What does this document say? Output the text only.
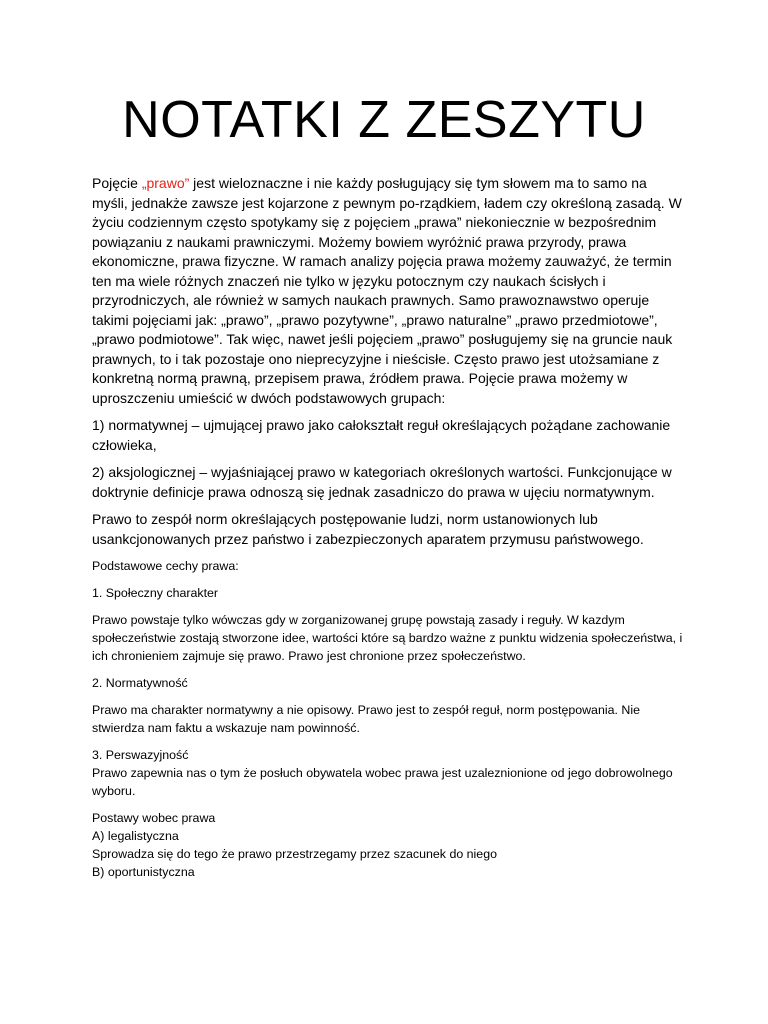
NOTATKI Z ZESZYTU

Pojęcie „prawo” jest wieloznaczne i nie każdy posługujący się tym słowem ma to samo na myśli, jednakże zawsze jest kojarzone z pewnym po-rządkiem, ładem czy określoną zasadą. W życiu codziennym często spotykamy się z pojęciem „prawa” niekoniecznie w bezpośrednim powiązaniu z naukami prawniczymi. Możemy bowiem wyróżnić prawa przyrody, prawa ekonomiczne, prawa fizyczne. W ramach analizy pojęcia prawa możemy zauważyć, że termin ten ma wiele różnych znaczeń nie tylko w języku potocznym czy naukach ścisłych i przyrodniczych, ale również w samych naukach prawnych. Samo prawoznawstwo operuje takimi pojęciami jak: „prawo”, „prawo pozytywne”, „prawo naturalne” „prawo przedmiotowe”, „prawo podmiotowe”. Tak więc, nawet jeśli pojęciem „prawo” posługujemy się na gruncie nauk prawnych, to i tak pozostaje ono nieprecyzyjne i nieścisłe. Często prawo jest utożsamiane z konkretną normą prawną, przepisem prawa, źródłem prawa. Pojęcie prawa możemy w uproszczeniu umieścić w dwóch podstawowych grupach:

1) normatywnej – ujmującej prawo jako całokształt reguł określających pożądane zachowanie człowieka,

2) aksjologicznej – wyjaśniającej prawo w kategoriach określonych wartości. Funkcjonujące w doktrynie definicje prawa odnoszą się jednak zasadniczo do prawa w ujęciu normatywnym.

Prawo to zespół norm określających postępowanie ludzi, norm ustanowionych lub usankcjonowanych przez państwo i zabezpieczonych aparatem przymusu państwowego.

Podstawowe cechy prawa:

1. Społeczny charakter

Prawo powstaje tylko wówczas gdy w zorganizowanej grupę powstają zasady i reguły. W kazdym społeczeństwie zostają stworzone idee, wartości które są bardzo ważne z punktu widzenia społeczeństwa, i ich chronieniem zajmuje się prawo. Prawo jest chronione przez społeczeństwo.

2. Normatywność

Prawo ma charakter normatywny a nie opisowy. Prawo jest to zespół reguł, norm postępowania. Nie stwierdza nam faktu a wskazuje nam powinność.

3. Perswazyjność

Prawo zapewnia nas o tym że posłuch obywatela wobec prawa jest uzaleznionione od jego dobrowolnego wyboru.

Postawy wobec prawa

A) legalistyczna

Sprowadza się do tego że prawo przestrzegamy przez szacunek do niego

B) oportunistyczna
